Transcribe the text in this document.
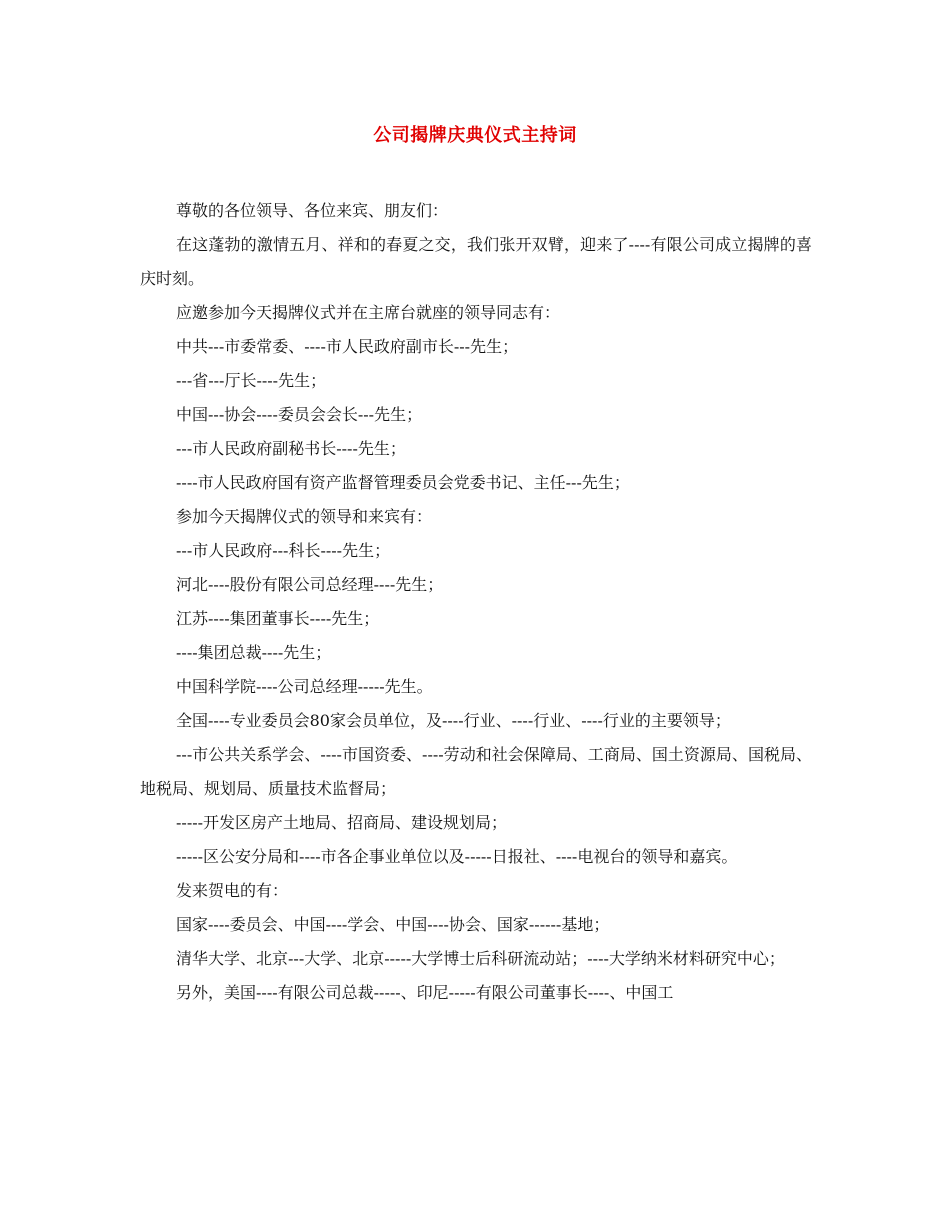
公司揭牌庆典仪式主持词

尊敬的各位领导、各位来宾、朋友们：

在这蓬勃的激情五月、祥和的春夏之交，我们张开双臂，迎来了----有限公司成立揭牌的喜庆时刻。

应邀参加今天揭牌仪式并在主席台就座的领导同志有：

中共---市委常委、----市人民政府副市长---先生；

---省---厅长----先生；

中国---协会----委员会会长---先生；

---市人民政府副秘书长----先生；

----市人民政府国有资产监督管理委员会党委书记、主任---先生；

参加今天揭牌仪式的领导和来宾有：

---市人民政府---科长----先生；

河北----股份有限公司总经理----先生；

江苏----集团董事长----先生；

----集团总裁----先生；

中国科学院----公司总经理-----先生。

全国----专业委员会80家会员单位，及----行业、----行业、----行业的主要领导；

---市公共关系学会、----市国资委、----劳动和社会保障局、工商局、国土资源局、国税局、地税局、规划局、质量技术监督局；

-----开发区房产土地局、招商局、建设规划局；

-----区公安分局和----市各企事业单位以及-----日报社、----电视台的领导和嘉宾。

发来贺电的有：

国家----委员会、中国----学会、中国----协会、国家------基地；

清华大学、北京---大学、北京-----大学博士后科研流动站；----大学纳米材料研究中心；

另外，美国----有限公司总裁-----、印尼-----有限公司董事长----、中国工
